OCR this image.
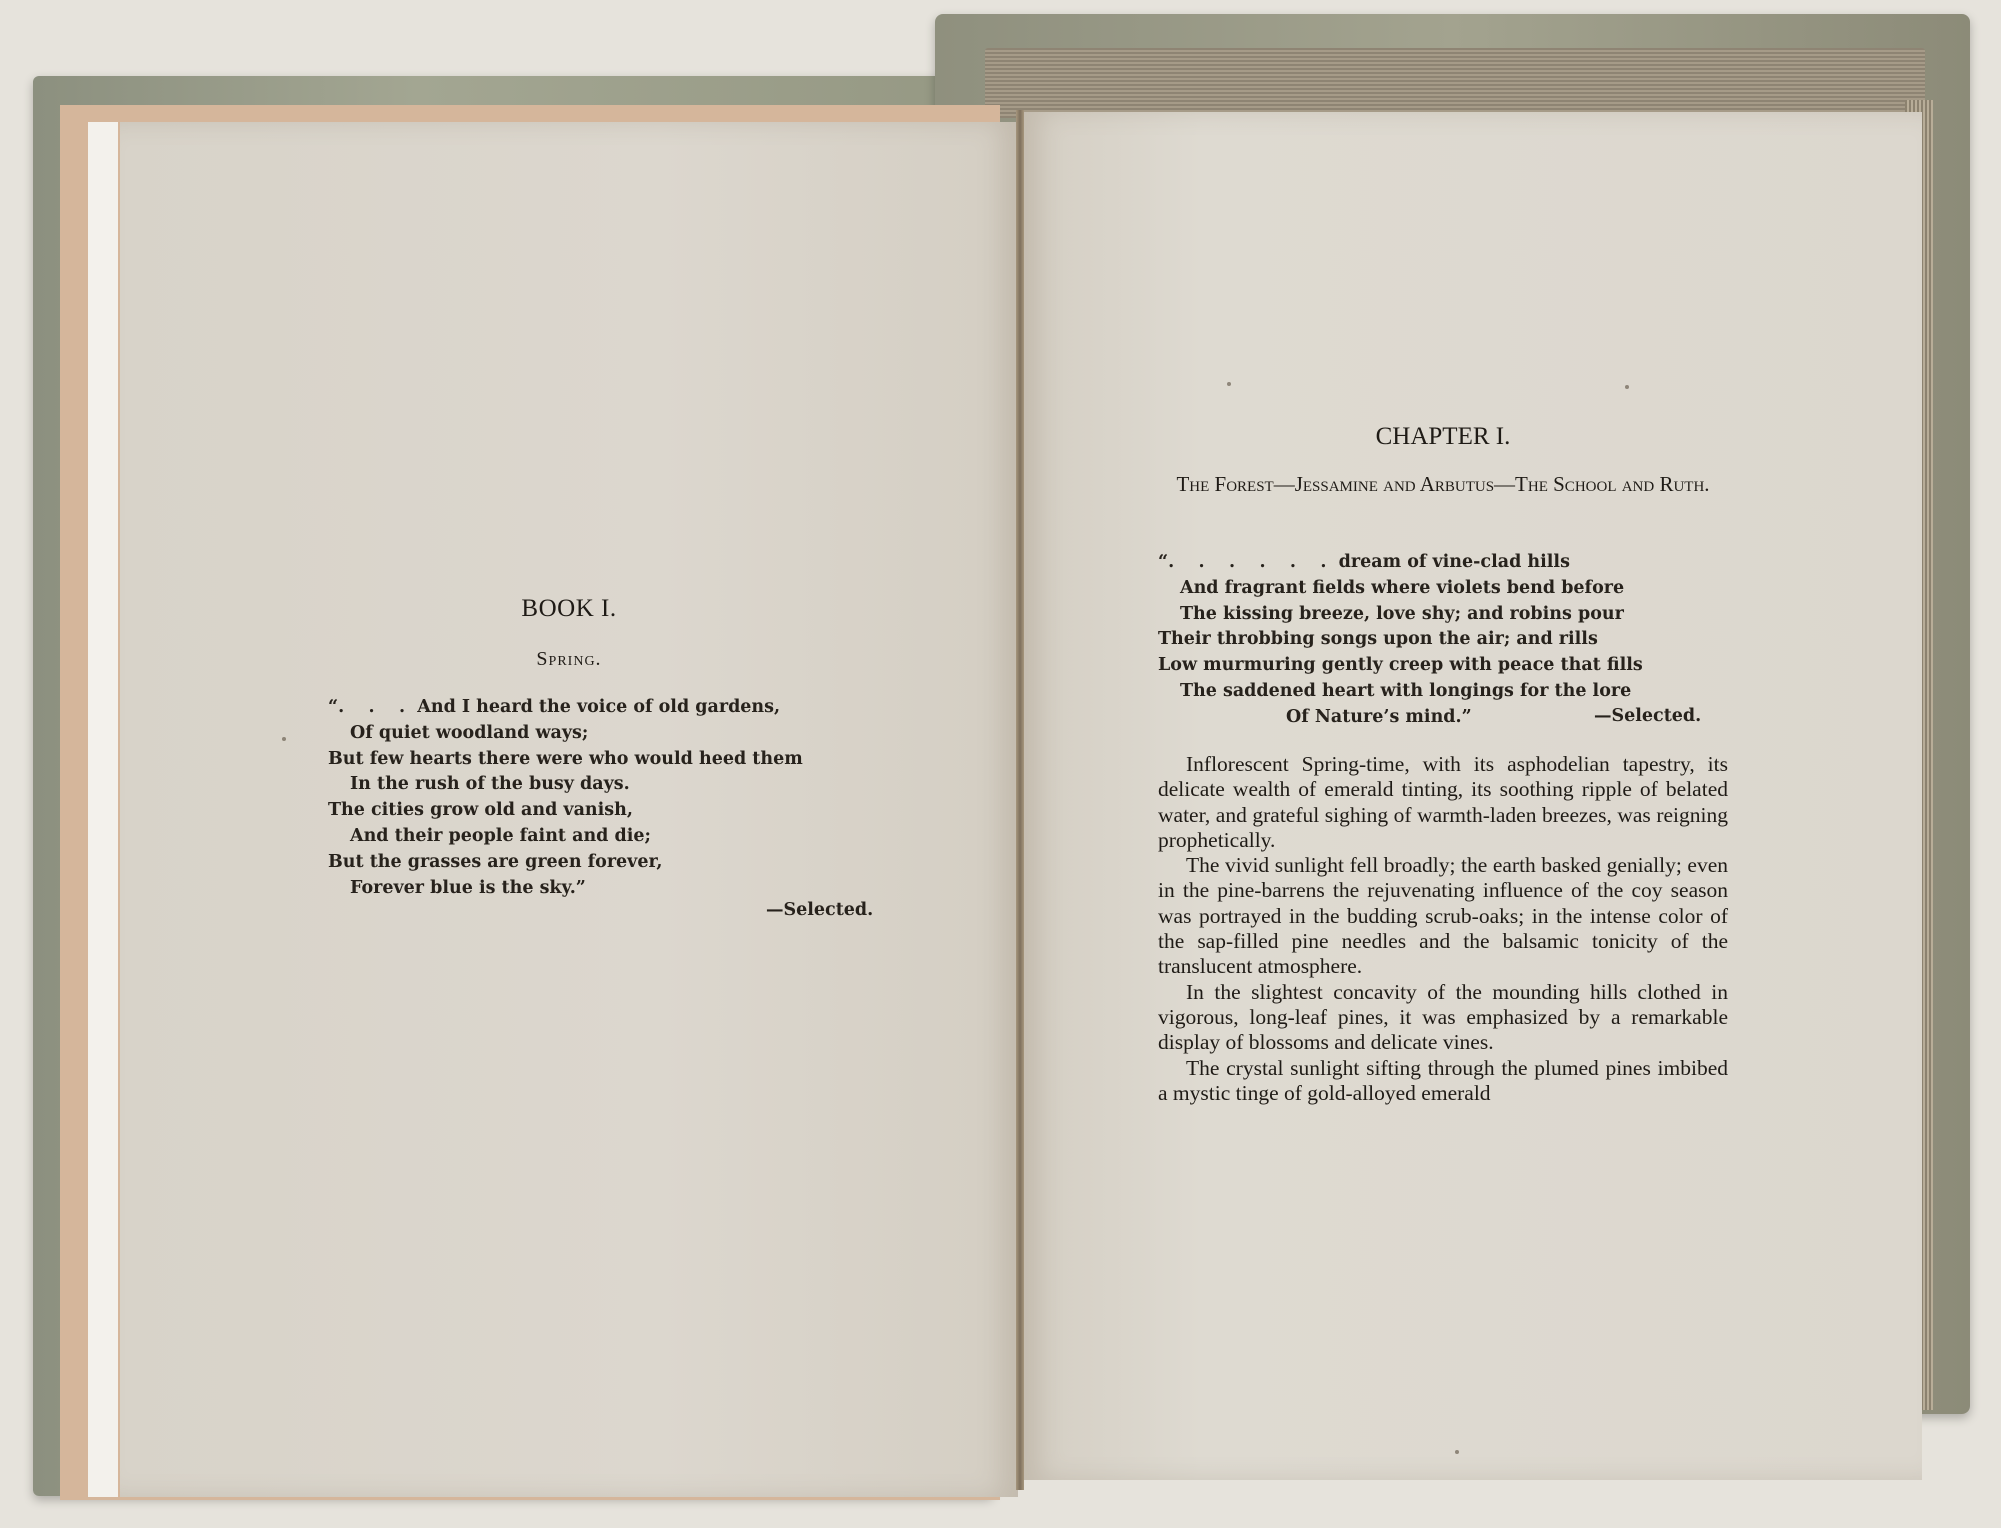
BOOK I.
Spring.
“.    .    .  And I heard the voice of old gardens,
Of quiet woodland ways;
But few hearts there were who would heed them
In the rush of the busy days.
The cities grow old and vanish,
And their people faint and die;
But the grasses are green forever,
Forever blue is the sky.”
—Selected.
CHAPTER I.
The Forest—Jessamine and Arbutus—The School and Ruth.
“.    .    .    .    .    .  dream of vine-clad hills
And fragrant fields where violets bend before
The kissing breeze, love shy; and robins pour
Their throbbing songs upon the air; and rills
Low murmuring gently creep with peace that fills
The saddened heart with longings for the lore
Of Nature’s mind.”	—Selected.

Inflorescent Spring-time, with its asphodelian tapestry, its delicate wealth of emerald tinting, its soothing ripple of belated water, and grateful sighing of warmth-laden breezes, was reigning prophetically.

The vivid sunlight fell broadly; the earth basked genially; even in the pine-barrens the rejuvenating influence of the coy season was portrayed in the budding scrub-oaks; in the intense color of the sap-filled pine needles and the balsamic tonicity of the translucent atmosphere.

In the slightest concavity of the mounding hills clothed in vigorous, long-leaf pines, it was emphasized by a remarkable display of blossoms and delicate vines.

The crystal sunlight sifting through the plumed pines imbibed a mystic tinge of gold-alloyed emerald
